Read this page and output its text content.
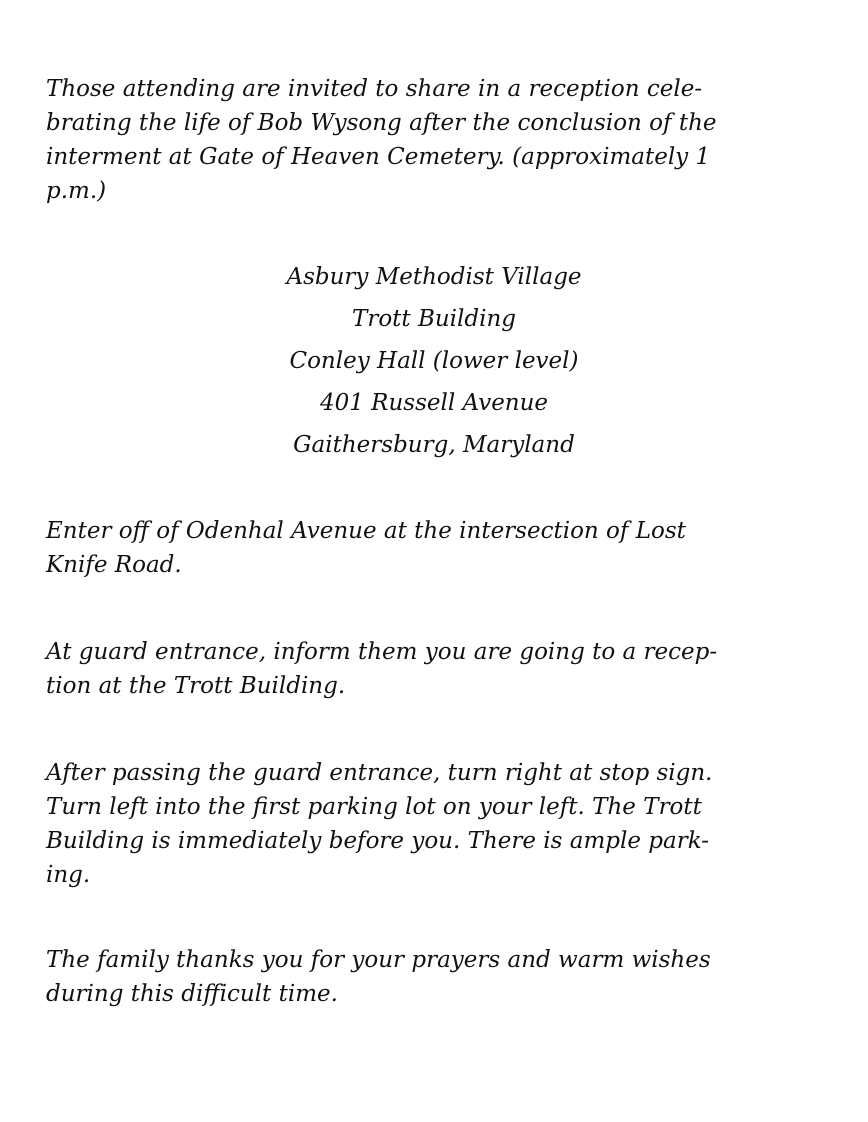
Those attending are invited to share in a reception cele-
brating the life of Bob Wysong after the conclusion of the
interment at Gate of Heaven Cemetery. (approximately 1
p.m.)

Asbury Methodist Village
Trott Building
Conley Hall (lower level)
401 Russell Avenue
Gaithersburg, Maryland

Enter off of Odenhal Avenue at the intersection of Lost
Knife Road.

At guard entrance, inform them you are going to a recep-
tion at the Trott Building.

After passing the guard entrance, turn right at stop sign.
Turn left into the first parking lot on your left. The Trott
Building is immediately before you. There is ample park-
ing.

The family thanks you for your prayers and warm wishes
during this difficult time.
